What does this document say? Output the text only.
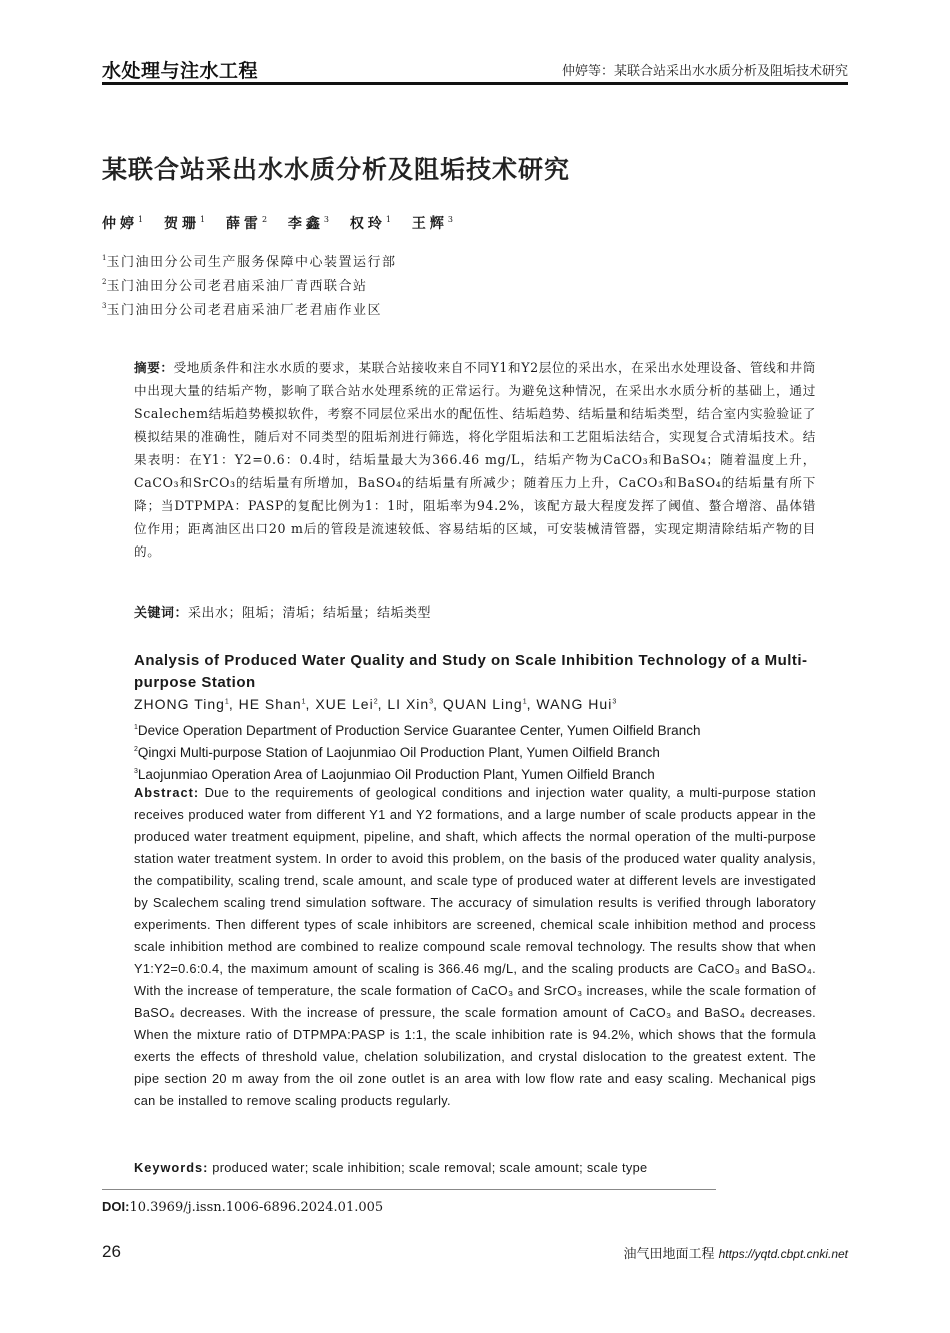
水处理与注水工程	仲婷等：某联合站采出水水质分析及阻垢技术研究
某联合站采出水水质分析及阻垢技术研究
仲婷$^1$ 贺珊$^1$ 薛雷$^2$ 李鑫$^3$ 权玲$^1$ 王辉$^3$
$^1$玉门油田分公司生产服务保障中心装置运行部
$^2$玉门油田分公司老君庙采油厂青西联合站
$^3$玉门油田分公司老君庙采油厂老君庙作业区
摘要：受地质条件和注水水质的要求，某联合站接收来自不同Y1和Y2层位的采出水，在采出水处理设备、管线和井筒中出现大量的结垢产物，影响了联合站水处理系统的正常运行。为避免这种情况，在采出水水质分析的基础上，通过Scalechem结垢趋势模拟软件，考察不同层位采出水的配伍性、结垢趋势、结垢量和结垢类型，结合室内实验验证了模拟结果的准确性，随后对不同类型的阻垢剂进行筛选，将化学阻垢法和工艺阻垢法结合，实现复合式清垢技术。结果表明：在Y1：Y2=0.6：0.4时，结垢量最大为366.46 mg/L，结垢产物为CaCO₃和BaSO₄；随着温度上升，CaCO₃和SrCO₃的结垢量有所增加，BaSO₄的结垢量有所减少；随着压力上升，CaCO₃和BaSO₄的结垢量有所下降；当DTPMPA：PASP的复配比例为1：1时，阻垢率为94.2%，该配方最大程度发挥了阈值、螯合增溶、晶体错位作用；距离油区出口20 m后的管段是流速较低、容易结垢的区域，可安装械清管器，实现定期清除结垢产物的目的。
关键词：采出水；阻垢；清垢；结垢量；结垢类型
Analysis of Produced Water Quality and Study on Scale Inhibition Technology of a Multi-purpose Station
ZHONG Ting$^1$, HE Shan$^1$, XUE Lei$^2$, LI Xin$^3$, QUAN Ling$^1$, WANG Hui$^3$
$^1$Device Operation Department of Production Service Guarantee Center, Yumen Oilfield Branch
$^2$Qingxi Multi-purpose Station of Laojunmiao Oil Production Plant, Yumen Oilfield Branch
$^3$Laojunmiao Operation Area of Laojunmiao Oil Production Plant, Yumen Oilfield Branch
Abstract: Due to the requirements of geological conditions and injection water quality, a multi-purpose station receives produced water from different Y1 and Y2 formations, and a large number of scale products appear in the produced water treatment equipment, pipeline, and shaft, which affects the normal operation of the multi-purpose station water treatment system. In order to avoid this problem, on the basis of the produced water quality analysis, the compatibility, scaling trend, scale amount, and scale type of produced water at different levels are investigated by Scalechem scaling trend simulation software. The accuracy of simulation results is verified through laboratory experiments. Then different types of scale inhibitors are screened, chemical scale inhibition method and process scale inhibition method are combined to realize compound scale removal technology. The results show that when Y1:Y2=0.6:0.4, the maximum amount of scaling is 366.46 mg/L, and the scaling products are CaCO₃ and BaSO₄. With the increase of temperature, the scale formation of CaCO₃ and SrCO₃ increases, while the scale formation of BaSO₄ decreases. With the increase of pressure, the scale formation amount of CaCO₃ and BaSO₄ decreases. When the mixture ratio of DTPMPA:PASP is 1:1, the scale inhibition rate is 94.2%, which shows that the formula exerts the effects of threshold value, chelation solubilization, and crystal dislocation to the greatest extent. The pipe section 20 m away from the oil zone outlet is an area with low flow rate and easy scaling. Mechanical pigs can be installed to remove scaling products regularly.
Keywords: produced water; scale inhibition; scale removal; scale amount; scale type
DOI:10.3969/j.issn.1006-6896.2024.01.005
26	油气田地面工程 https://yqtd.cbpt.cnki.net
